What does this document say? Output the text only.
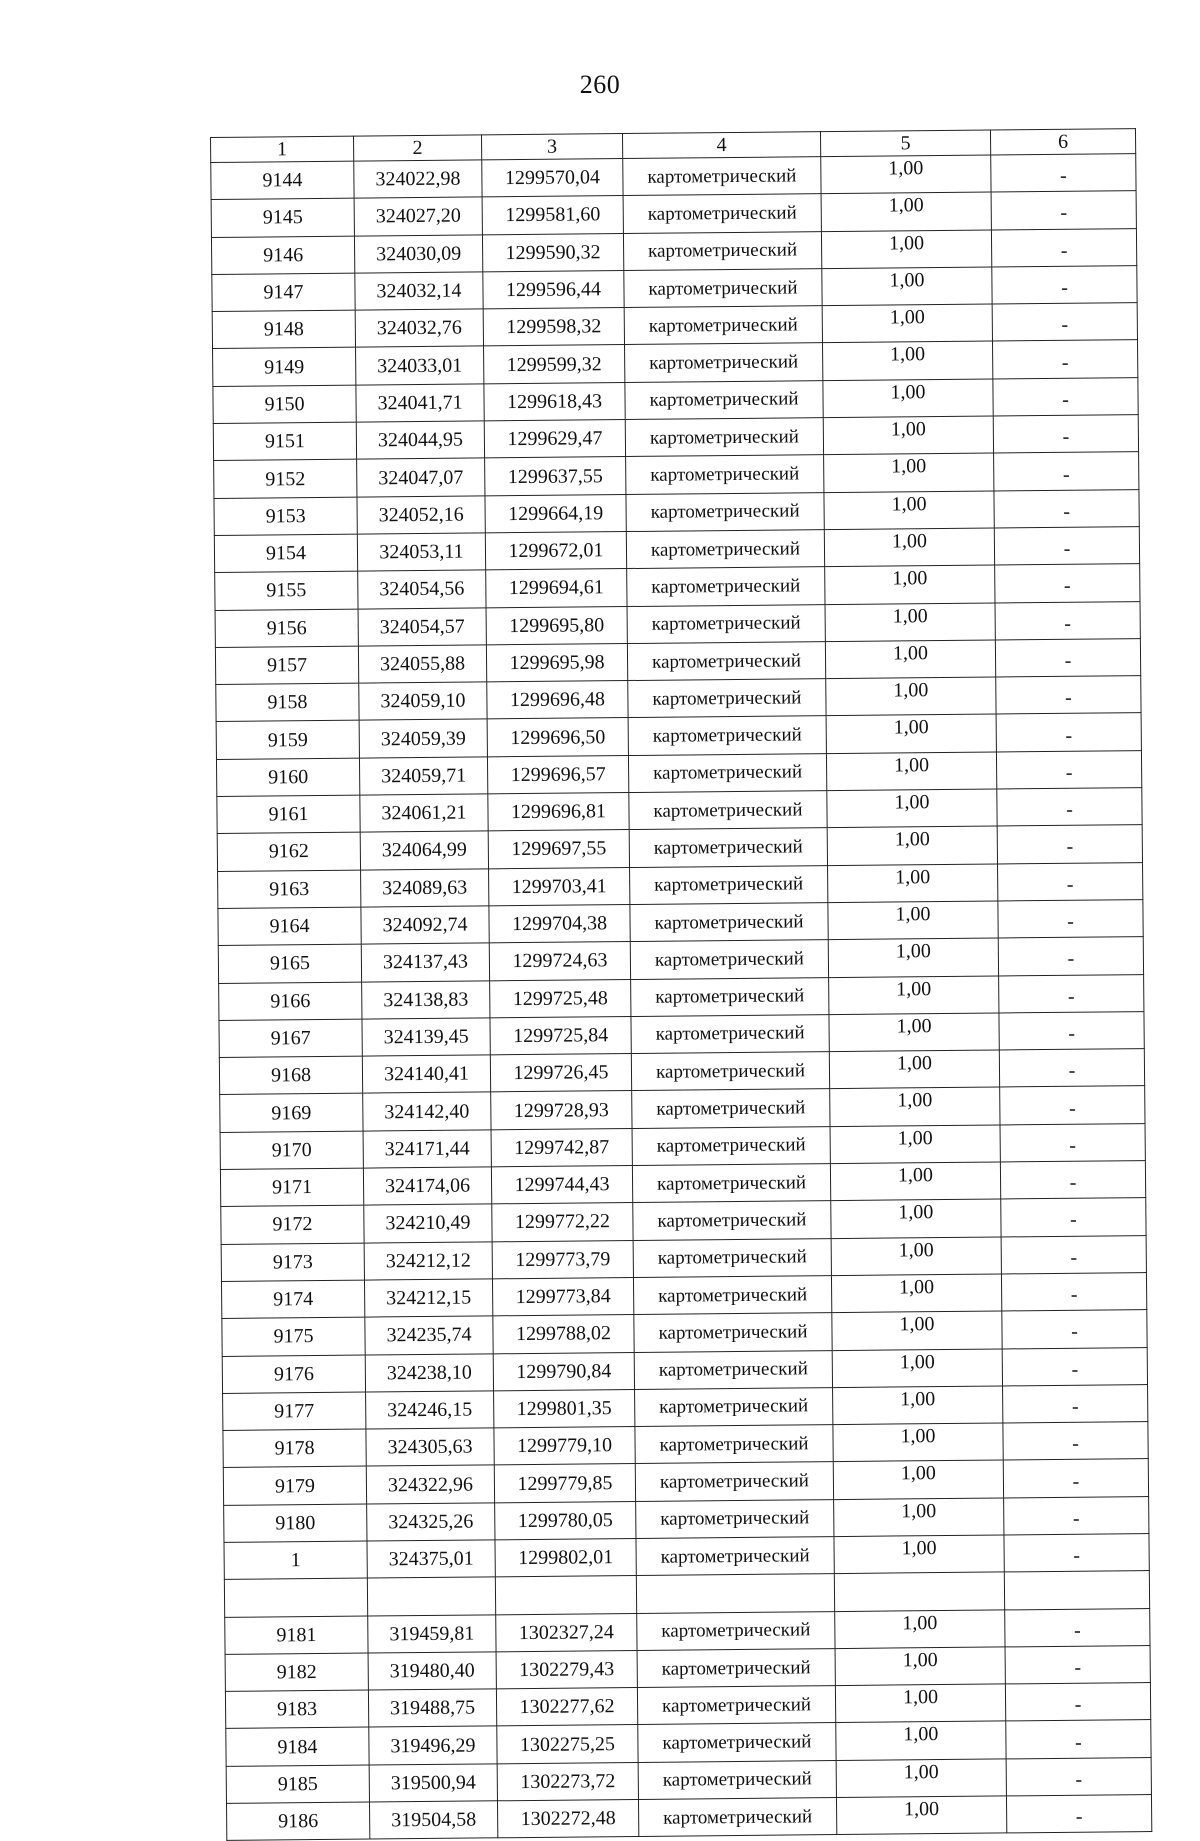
260
1	2	3	4	5	6
9144	324022,98	1299570,04	картометрический	1,00	-
9145	324027,20	1299581,60	картометрический	1,00	-
9146	324030,09	1299590,32	картометрический	1,00	-
9147	324032,14	1299596,44	картометрический	1,00	-
9148	324032,76	1299598,32	картометрический	1,00	-
9149	324033,01	1299599,32	картометрический	1,00	-
9150	324041,71	1299618,43	картометрический	1,00	-
9151	324044,95	1299629,47	картометрический	1,00	-
9152	324047,07	1299637,55	картометрический	1,00	-
9153	324052,16	1299664,19	картометрический	1,00	-
9154	324053,11	1299672,01	картометрический	1,00	-
9155	324054,56	1299694,61	картометрический	1,00	-
9156	324054,57	1299695,80	картометрический	1,00	-
9157	324055,88	1299695,98	картометрический	1,00	-
9158	324059,10	1299696,48	картометрический	1,00	-
9159	324059,39	1299696,50	картометрический	1,00	-
9160	324059,71	1299696,57	картометрический	1,00	-
9161	324061,21	1299696,81	картометрический	1,00	-
9162	324064,99	1299697,55	картометрический	1,00	-
9163	324089,63	1299703,41	картометрический	1,00	-
9164	324092,74	1299704,38	картометрический	1,00	-
9165	324137,43	1299724,63	картометрический	1,00	-
9166	324138,83	1299725,48	картометрический	1,00	-
9167	324139,45	1299725,84	картометрический	1,00	-
9168	324140,41	1299726,45	картометрический	1,00	-
9169	324142,40	1299728,93	картометрический	1,00	-
9170	324171,44	1299742,87	картометрический	1,00	-
9171	324174,06	1299744,43	картометрический	1,00	-
9172	324210,49	1299772,22	картометрический	1,00	-
9173	324212,12	1299773,79	картометрический	1,00	-
9174	324212,15	1299773,84	картометрический	1,00	-
9175	324235,74	1299788,02	картометрический	1,00	-
9176	324238,10	1299790,84	картометрический	1,00	-
9177	324246,15	1299801,35	картометрический	1,00	-
9178	324305,63	1299779,10	картометрический	1,00	-
9179	324322,96	1299779,85	картометрический	1,00	-
9180	324325,26	1299780,05	картометрический	1,00	-
1	324375,01	1299802,01	картометрический	1,00	-

9181	319459,81	1302327,24	картометрический	1,00	-
9182	319480,40	1302279,43	картометрический	1,00	-
9183	319488,75	1302277,62	картометрический	1,00	-
9184	319496,29	1302275,25	картометрический	1,00	-
9185	319500,94	1302273,72	картометрический	1,00	-
9186	319504,58	1302272,48	картометрический	1,00	-
